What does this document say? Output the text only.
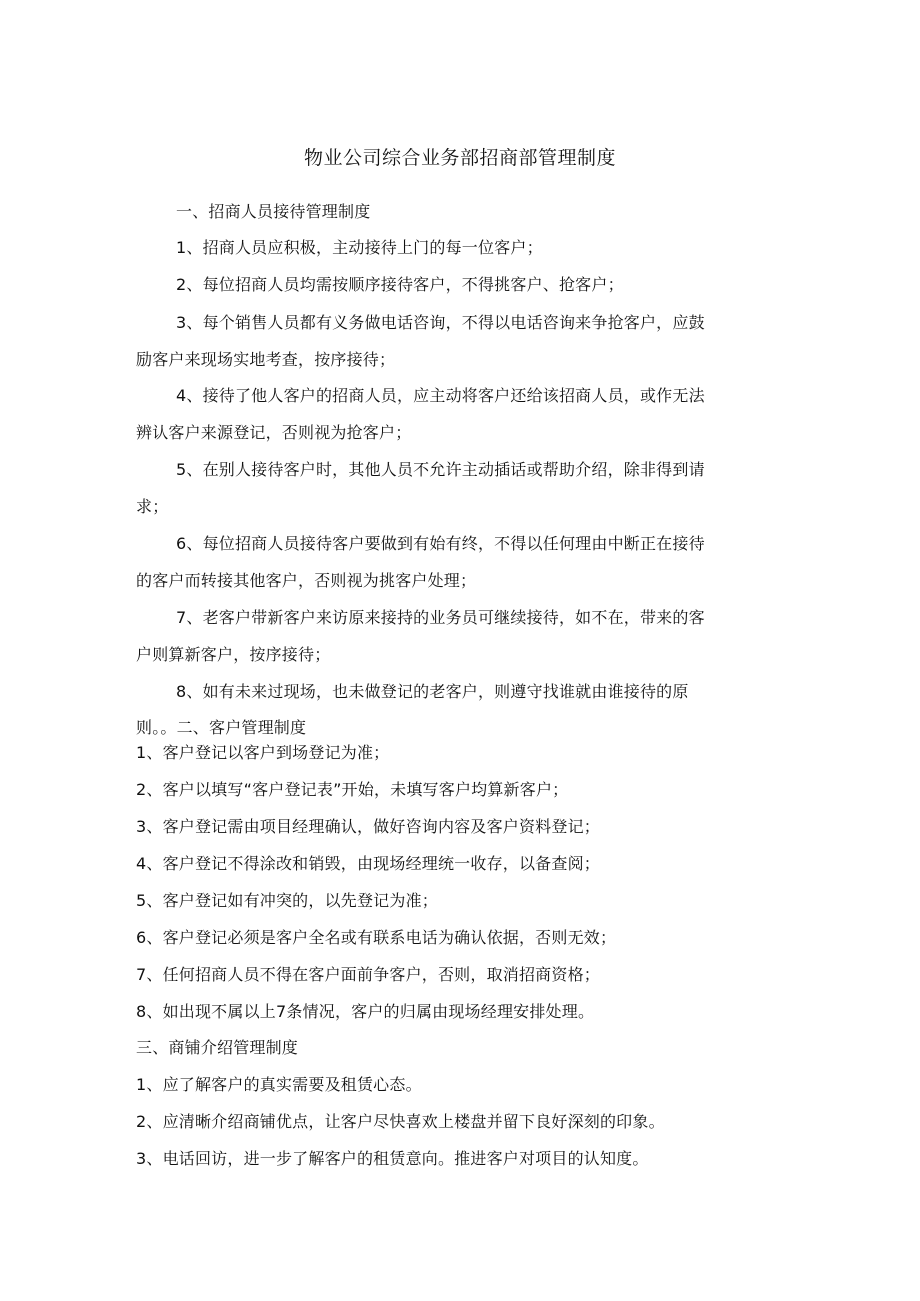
物业公司综合业务部招商部管理制度
一、招商人员接待管理制度
1、招商人员应积极，主动接待上门的每一位客户；
2、每位招商人员均需按顺序接待客户，不得挑客户、抢客户；
3、每个销售人员都有义务做电话咨询，不得以电话咨询来争抢客户，应鼓
励客户来现场实地考查，按序接待；
4、接待了他人客户的招商人员，应主动将客户还给该招商人员，或作无法
辨认客户来源登记，否则视为抢客户；
5、在别人接待客户时，其他人员不允许主动插话或帮助介绍，除非得到请
求；
6、每位招商人员接待客户要做到有始有终，不得以任何理由中断正在接待
的客户而转接其他客户，否则视为挑客户处理；
7、老客户带新客户来访原来接持的业务员可继续接待，如不在，带来的客
户则算新客户，按序接待；
8、如有未来过现场，也未做登记的老客户，则遵守找谁就由谁接待的原
则。。二、客户管理制度
1、客户登记以客户到场登记为准；
2、客户以填写“客户登记表”开始，未填写客户均算新客户；
3、客户登记需由项目经理确认，做好咨询内容及客户资料登记；
4、客户登记不得涂改和销毁，由现场经理统一收存，以备查阅；
5、客户登记如有冲突的，以先登记为准；
6、客户登记必须是客户全名或有联系电话为确认依据，否则无效；
7、任何招商人员不得在客户面前争客户，否则，取消招商资格；
8、如出现不属以上7条情况，客户的归属由现场经理安排处理。
三、商铺介绍管理制度
1、应了解客户的真实需要及租赁心态。
2、应清晰介绍商铺优点，让客户尽快喜欢上楼盘并留下良好深刻的印象。
3、电话回访，进一步了解客户的租赁意向。推进客户对项目的认知度。
